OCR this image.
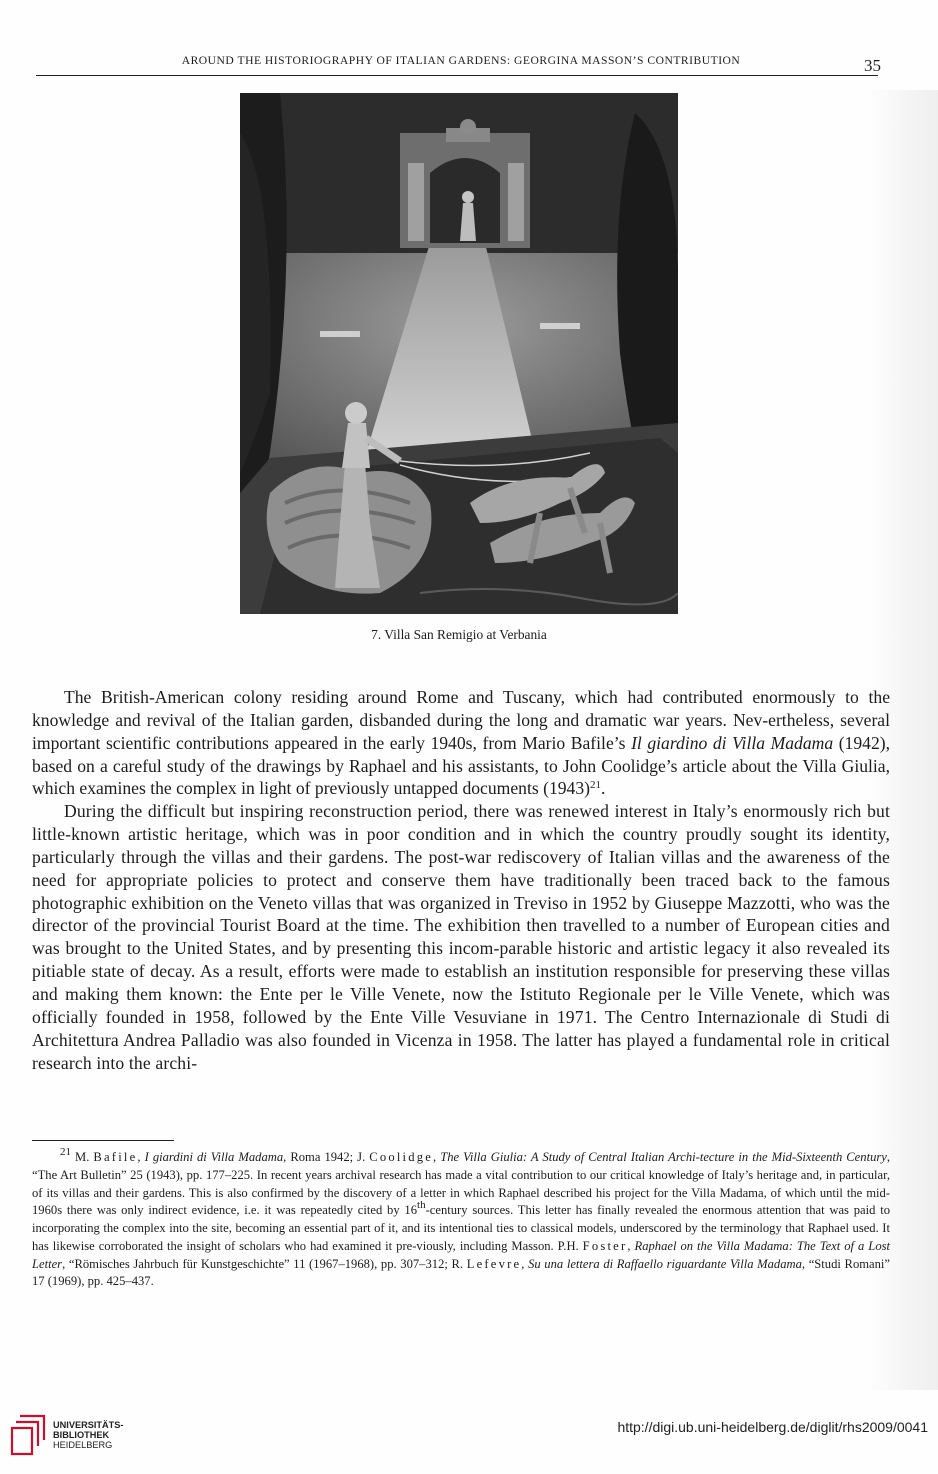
AROUND THE HISTORIOGRAPHY OF ITALIAN GARDENS: GEORGINA MASSON’S CONTRIBUTION	35
7. Villa San Remigio at Verbania

The British-American colony residing around Rome and Tuscany, which had contributed enormously to the knowledge and revival of the Italian garden, disbanded during the long and dramatic war years. Nev-ertheless, several important scientific contributions appeared in the early 1940s, from Mario Bafile’s Il giardino di Villa Madama (1942), based on a careful study of the drawings by Raphael and his assistants, to John Coolidge’s article about the Villa Giulia, which examines the complex in light of previously untapped documents $(1943)^{21}$.

During the difficult but inspiring reconstruction period, there was renewed interest in Italy’s enormously rich but little-known artistic heritage, which was in poor condition and in which the country proudly sought its identity, particularly through the villas and their gardens. The post-war rediscovery of Italian villas and the awareness of the need for appropriate policies to protect and conserve them have traditionally been traced back to the famous photographic exhibition on the Veneto villas that was organized in Treviso in 1952 by Giuseppe Mazzotti, who was the director of the provincial Tourist Board at the time. The exhibition then travelled to a number of European cities and was brought to the United States, and by presenting this incom-parable historic and artistic legacy it also revealed its pitiable state of decay. As a result, efforts were made to establish an institution responsible for preserving these villas and making them known: the Ente per le Ville Venete, now the Istituto Regionale per le Ville Venete, which was officially founded in 1958, followed by the Ente Ville Vesuviane in 1971. The Centro Internazionale di Studi di Architettura Andrea Palladio was also founded in Vicenza in 1958. The latter has played a fundamental role in critical research into the archi-

$^{21}$ M. Bafile, I giardini di Villa Madama, Roma 1942; J. Coolidge, The Villa Giulia: A Study of Central Italian Archi-tecture in the Mid-Sixteenth Century, “The Art Bulletin” 25 (1943), pp. 177–225. In recent years archival research has made a vital contribution to our critical knowledge of Italy’s heritage and, in particular, of its villas and their gardens. This is also confirmed by the discovery of a letter in which Raphael described his project for the Villa Madama, of which until the mid-1960s there was only indirect evidence, i.e. it was repeatedly cited by 16th-century sources. This letter has finally revealed the enormous attention that was paid to incorporating the complex into the site, becoming an essential part of it, and its intentional ties to classical models, underscored by the terminology that Raphael used. It has likewise corroborated the insight of scholars who had examined it pre-viously, including Masson. P.H. Foster, Raphael on the Villa Madama: The Text of a Lost Letter, “Römisches Jahrbuch für Kunstgeschichte” 11 (1967–1968), pp. 307–312; R. Lefevre, Su una lettera di Raffaello riguardante Villa Madama, “Studi Romani” 17 (1969), pp. 425–437.

UNIVERSITÄTS-
BIBLIOTHEK
HEIDELBERG
http://digi.ub.uni-heidelberg.de/diglit/rhs2009/0041
